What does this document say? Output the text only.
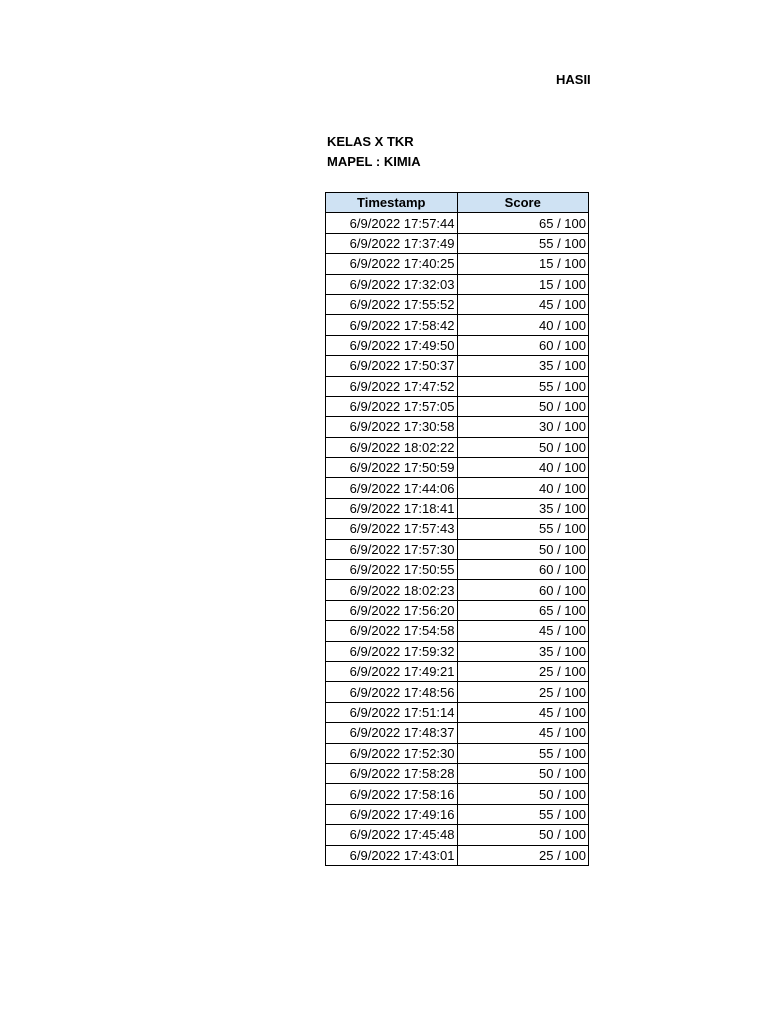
HASII
KELAS X TKR
MAPEL : KIMIA
Timestamp	Score
6/9/2022 17:57:44	65 / 100
6/9/2022 17:37:49	55 / 100
6/9/2022 17:40:25	15 / 100
6/9/2022 17:32:03	15 / 100
6/9/2022 17:55:52	45 / 100
6/9/2022 17:58:42	40 / 100
6/9/2022 17:49:50	60 / 100
6/9/2022 17:50:37	35 / 100
6/9/2022 17:47:52	55 / 100
6/9/2022 17:57:05	50 / 100
6/9/2022 17:30:58	30 / 100
6/9/2022 18:02:22	50 / 100
6/9/2022 17:50:59	40 / 100
6/9/2022 17:44:06	40 / 100
6/9/2022 17:18:41	35 / 100
6/9/2022 17:57:43	55 / 100
6/9/2022 17:57:30	50 / 100
6/9/2022 17:50:55	60 / 100
6/9/2022 18:02:23	60 / 100
6/9/2022 17:56:20	65 / 100
6/9/2022 17:54:58	45 / 100
6/9/2022 17:59:32	35 / 100
6/9/2022 17:49:21	25 / 100
6/9/2022 17:48:56	25 / 100
6/9/2022 17:51:14	45 / 100
6/9/2022 17:48:37	45 / 100
6/9/2022 17:52:30	55 / 100
6/9/2022 17:58:28	50 / 100
6/9/2022 17:58:16	50 / 100
6/9/2022 17:49:16	55 / 100
6/9/2022 17:45:48	50 / 100
6/9/2022 17:43:01	25 / 100
